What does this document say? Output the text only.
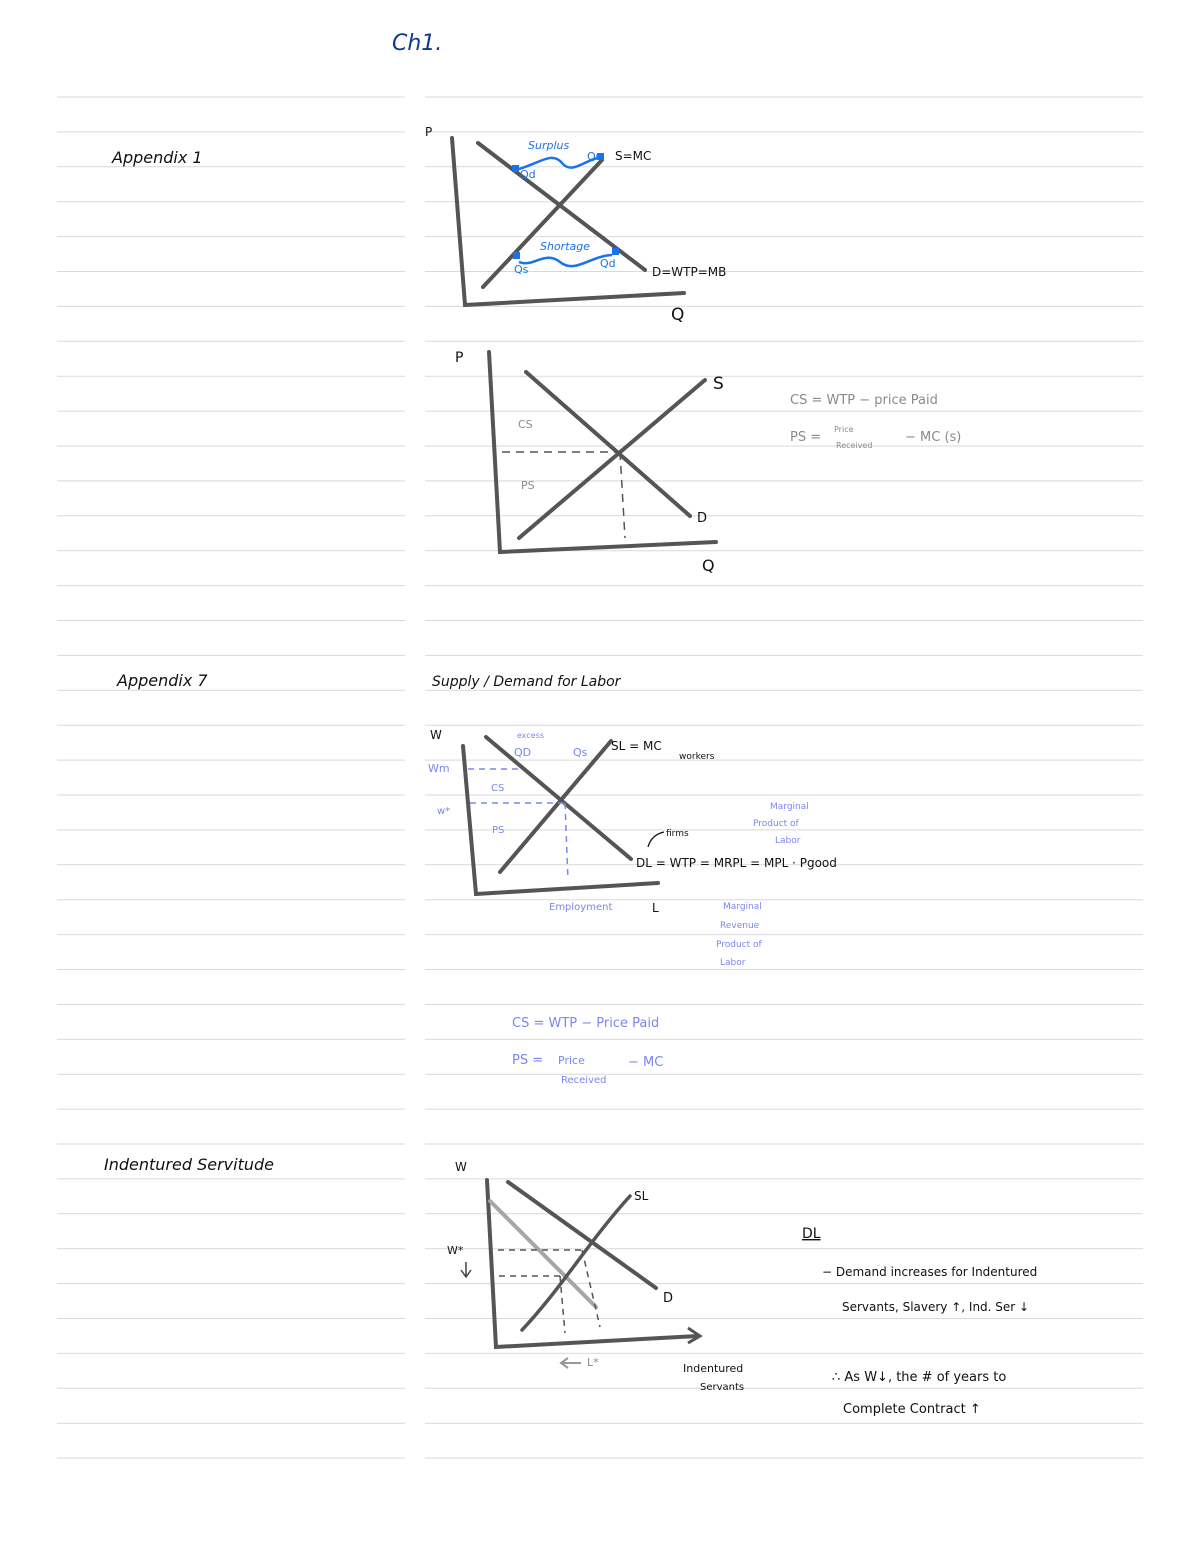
Ch1.
Appendix 1
Appendix 7
Indentured Servitude
P
Q
S=MC
D=WTP=MB
Surplus
Qd
Qs
Shortage
Qs	Qd
P
Q
S
D
CS
PS
CS = WTP − price Paid
PS =
Price
Received
− MC (s)
Supply / Demand for Labor
W
Wm
w*
excess
QD	Qs SL = MC
workers
CS
PS	firms
DL = WTP = MRPL = MPL · Pgood
Employment	L
Marginal
Product of
Labor
Marginal
Revenue
Product of
Labor
CS = WTP − Price Paid
PS = Price
Received
− MC
W
W*
SL
D
L*	Indentured
Servants
DL
− Demand increases for Indentured
Servants, Slavery ↑, Ind. Ser ↓
∴ As W↓, the # of years to
Complete Contract ↑
